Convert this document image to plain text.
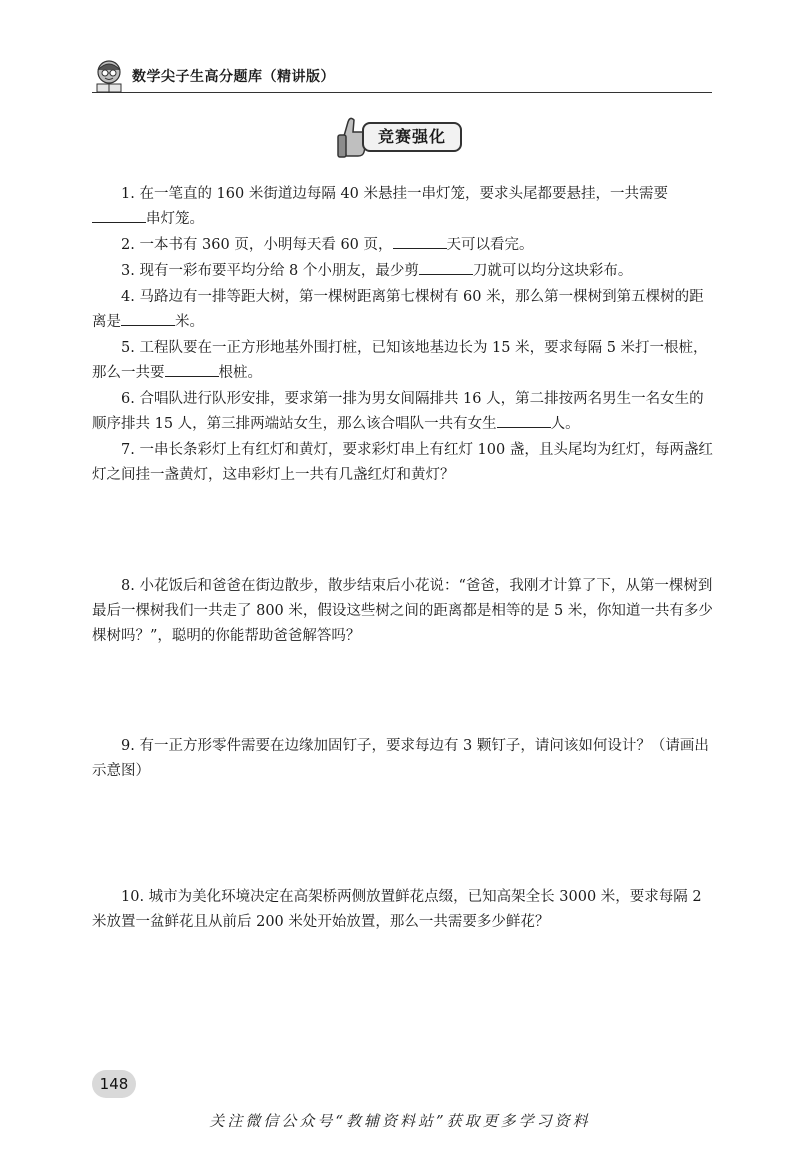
数学尖子生高分题库（精讲版）
竞赛强化

1. 在一笔直的 160 米街道边每隔 40 米悬挂一串灯笼，要求头尾都要悬挂，一共需要串灯笼。

2. 一本书有 360 页，小明每天看 60 页，	天可以看完。

3. 现有一彩布要平均分给 8 个小朋友，最少剪	刀就可以均分这块彩布。

4. 马路边有一排等距大树，第一棵树距离第七棵树有 60 米，那么第一棵树到第五棵树的距离是	米。

5. 工程队要在一正方形地基外围打桩，已知该地基边长为 15 米，要求每隔 5 米打一根桩，那么一共要	根桩。

6. 合唱队进行队形安排，要求第一排为男女间隔排共 16 人，第二排按两名男生一名女生的顺序排共 15 人，第三排两端站女生，那么该合唱队一共有女生	人。

7. 一串长条彩灯上有红灯和黄灯，要求彩灯串上有红灯 100 盏，且头尾均为红灯，每两盏红灯之间挂一盏黄灯，这串彩灯上一共有几盏红灯和黄灯？

8. 小花饭后和爸爸在街边散步，散步结束后小花说：“爸爸，我刚才计算了下，从第一棵树到最后一棵树我们一共走了 800 米，假设这些树之间的距离都是相等的是 5 米，你知道一共有多少棵树吗？”，聪明的你能帮助爸爸解答吗？

9. 有一正方形零件需要在边缘加固钉子，要求每边有 3 颗钉子，请问该如何设计？（请画出示意图）

10. 城市为美化环境决定在高架桥两侧放置鲜花点缀，已知高架全长 3000 米，要求每隔 2 米放置一盆鲜花且从前后 200 米处开始放置，那么一共需要多少鲜花？

148
关注微信公众号“教辅资料站”获取更多学习资料
